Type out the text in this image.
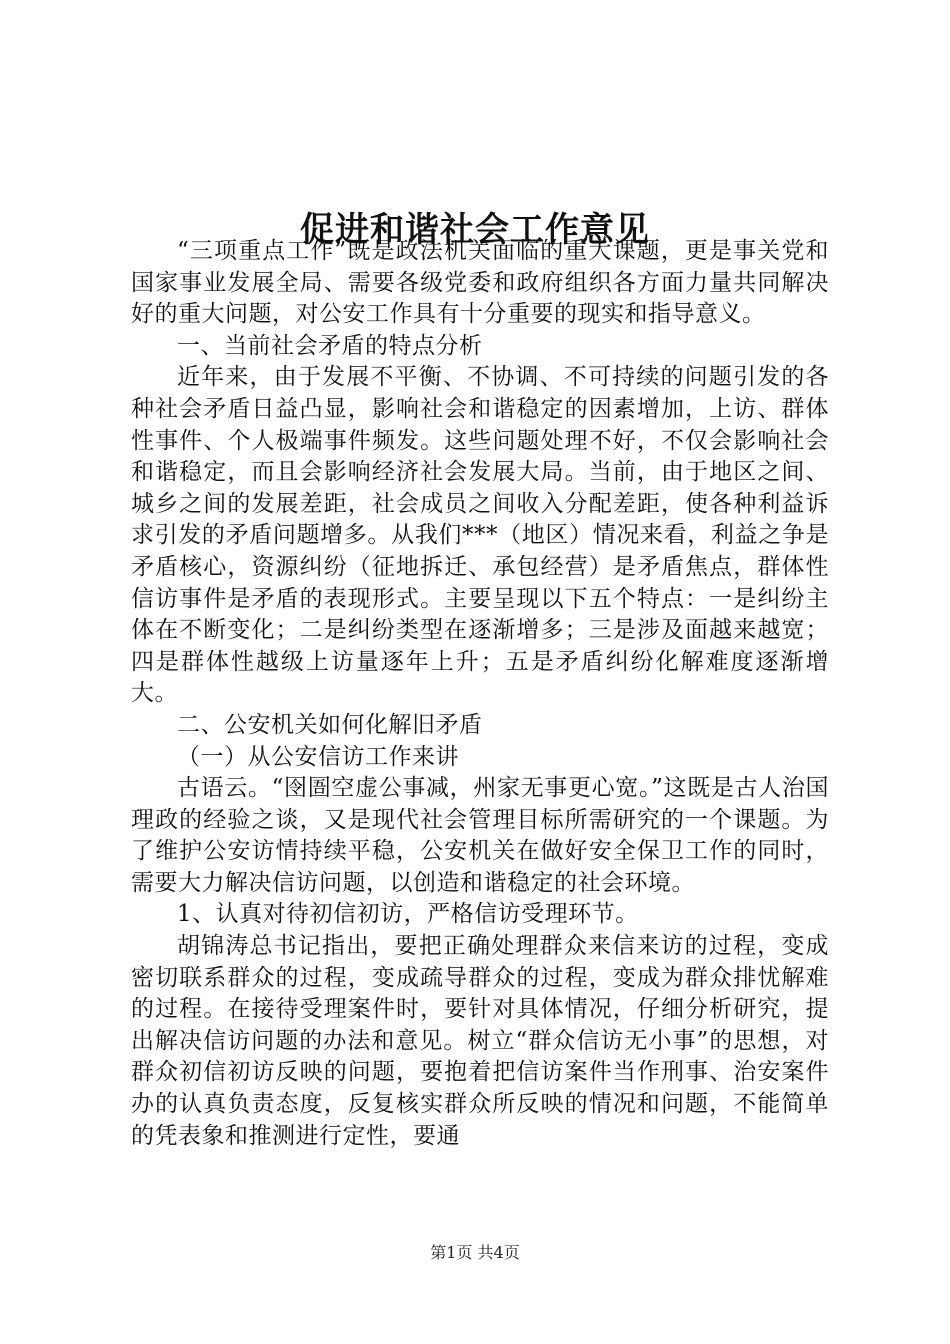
促进和谐社会工作意见

“三项重点工作”既是政法机关面临的重大课题，更是事关党和国家事业发展全局、需要各级党委和政府组织各方面力量共同解决好的重大问题，对公安工作具有十分重要的现实和指导意义。

一、当前社会矛盾的特点分析

近年来，由于发展不平衡、不协调、不可持续的问题引发的各种社会矛盾日益凸显，影响社会和谐稳定的因素增加，上访、群体性事件、个人极端事件频发。这些问题处理不好，不仅会影响社会和谐稳定，而且会影响经济社会发展大局。当前，由于地区之间、城乡之间的发展差距，社会成员之间收入分配差距，使各种利益诉求引发的矛盾问题增多。从我们***（地区）情况来看，利益之争是矛盾核心，资源纠纷（征地拆迁、承包经营）是矛盾焦点，群体性信访事件是矛盾的表现形式。主要呈现以下五个特点：一是纠纷主体在不断变化；二是纠纷类型在逐渐增多；三是涉及面越来越宽；四是群体性越级上访量逐年上升；五是矛盾纠纷化解难度逐渐增大。

二、公安机关如何化解旧矛盾

（一）从公安信访工作来讲

古语云。“囹圄空虚公事减，州家无事更心宽。”这既是古人治国理政的经验之谈，又是现代社会管理目标所需研究的一个课题。为了维护公安访情持续平稳，公安机关在做好安全保卫工作的同时，需要大力解决信访问题，以创造和谐稳定的社会环境。

1、认真对待初信初访，严格信访受理环节。

胡锦涛总书记指出，要把正确处理群众来信来访的过程，变成密切联系群众的过程，变成疏导群众的过程，变成为群众排忧解难的过程。在接待受理案件时，要针对具体情况，仔细分析研究，提出解决信访问题的办法和意见。树立“群众信访无小事”的思想，对群众初信初访反映的问题，要抱着把信访案件当作刑事、治安案件办的认真负责态度，反复核实群众所反映的情况和问题，不能简单的凭表象和推测进行定性，要通

第1页 共4页
